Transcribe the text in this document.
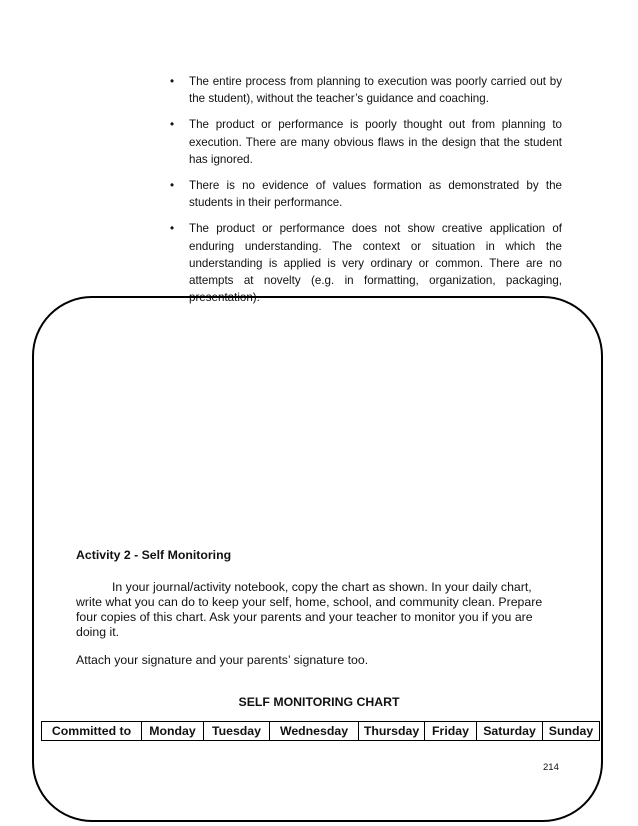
• The entire process from planning to execution was poorly carried out by the student), without the teacher’s guidance and coaching.
• The product or performance is poorly thought out from planning to execution. There are many obvious flaws in the design that the student has ignored.
• There is no evidence of values formation as demonstrated by the students in their performance.
• The product or performance does not show creative application of enduring understanding. The context or situation in which the understanding is applied is very ordinary or common. There are no attempts at novelty (e.g. in formatting, organization, packaging, presentation).
Activity 2 - Self Monitoring

In your journal/activity notebook, copy the chart as shown. In your daily chart, write what you can do to keep your self, home, school, and community clean. Prepare four copies of this chart. Ask your parents and your teacher to monitor you if you are doing it.

Attach your signature and your parents’ signature too.

SELF MONITORING CHART
Committed to	Monday	Tuesday	Wednesday	Thursday	Friday	Saturday	Sunday

214
